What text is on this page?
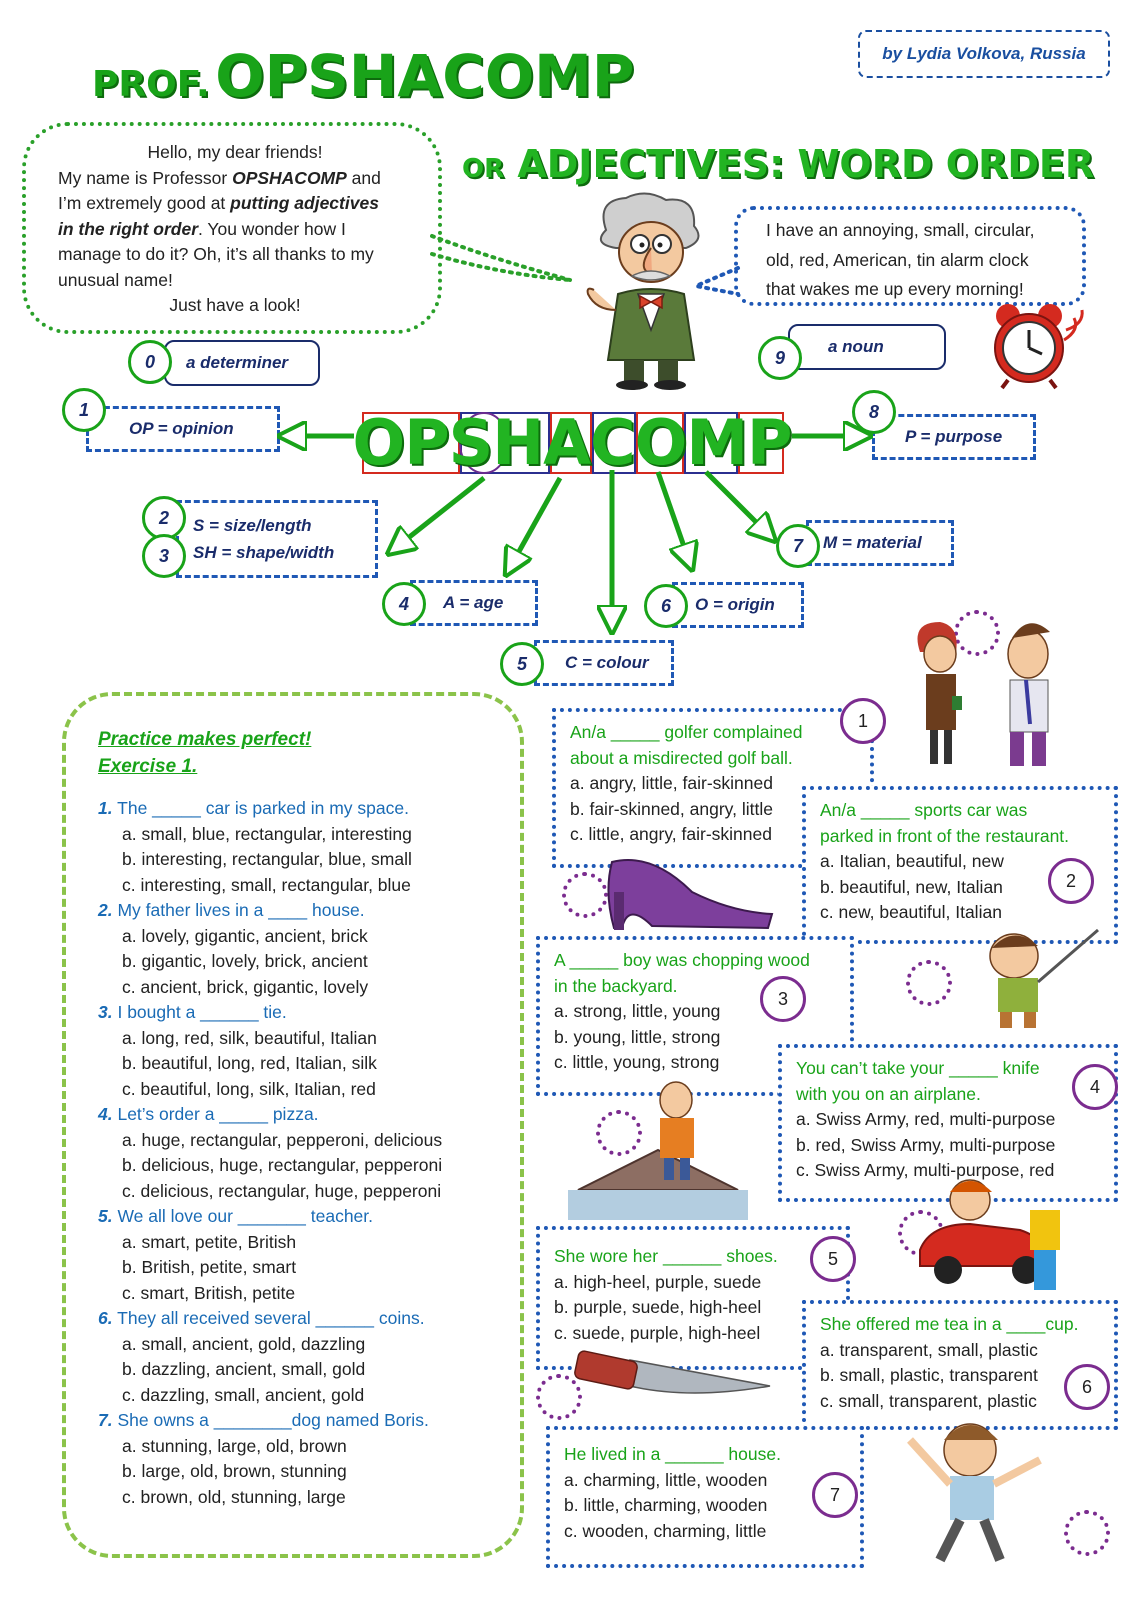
by Lydia Volkova, Russia
PROF. OPSHACOMP
OR ADJECTIVES: WORD ORDER
Hello, my dear friends!
My name is Professor OPSHACOMP and
I’m extremely good at putting adjectives
in the right order. You wonder how I
manage to do it? Oh, it’s all thanks to my
unusual name!
Just have a look!
I have an annoying, small, circular,
old, red, American, tin alarm clock
that wakes me up every morning!
a determiner
0
a noun
9
OP = opinion
1
P = purpose
8
S = size/length
SH = shape/width
2
3
A = age
4
C = colour
5
O = origin
6
M = material
7
OPSHACOMP
Practice makes perfect!
Exercise 1.
1. The _____ car is parked in my space.
a. small, blue, rectangular, interesting
b. interesting, rectangular, blue, small
c. interesting, small, rectangular, blue
2. My father lives in a ____ house.
a. lovely, gigantic, ancient, brick
b. gigantic, lovely, brick, ancient
c. ancient, brick, gigantic, lovely
3. I bought a ______ tie.
a. long, red, silk, beautiful, Italian
b. beautiful, long, red, Italian, silk
c. beautiful, long, silk, Italian, red
4. Let’s order a _____ pizza.
a. huge, rectangular, pepperoni, delicious
b. delicious, huge, rectangular, pepperoni
c. delicious, rectangular, huge, pepperoni
5. We all love our _______ teacher.
a. smart, petite, British
b. British, petite, smart
c. smart, British, petite
6. They all received several ______ coins.
a. small, ancient, gold, dazzling
b. dazzling, ancient, small, gold
c. dazzling, small, ancient, gold
7. She owns a ________dog named Boris.
a. stunning, large, old, brown
b. large, old, brown, stunning
c. brown, old, stunning, large
An/a _____ golfer complained
about a misdirected golf ball.
a. angry, little, fair-skinned
b. fair-skinned, angry, little
c. little, angry, fair-skinned
1
An/a _____ sports car was
parked in front of the restaurant.
a. Italian, beautiful, new
b. beautiful, new, Italian
c. new, beautiful, Italian
2
A _____ boy was chopping wood
in the backyard.
a. strong, little, young
b. young, little, strong
c. little, young, strong
3
You can’t take your _____ knife
with you on an airplane.
a. Swiss Army, red, multi-purpose
b. red, Swiss Army, multi-purpose
c. Swiss Army, multi-purpose, red
4
She wore her ______ shoes.
a. high-heel, purple, suede
b. purple, suede, high-heel
c. suede, purple, high-heel
5
She offered me tea in a ____cup.
a. transparent, small, plastic
b. small, plastic, transparent
c. small, transparent, plastic
6
He lived in a ______ house.
a. charming, little, wooden
b. little, charming, wooden
c. wooden, charming, little
7
